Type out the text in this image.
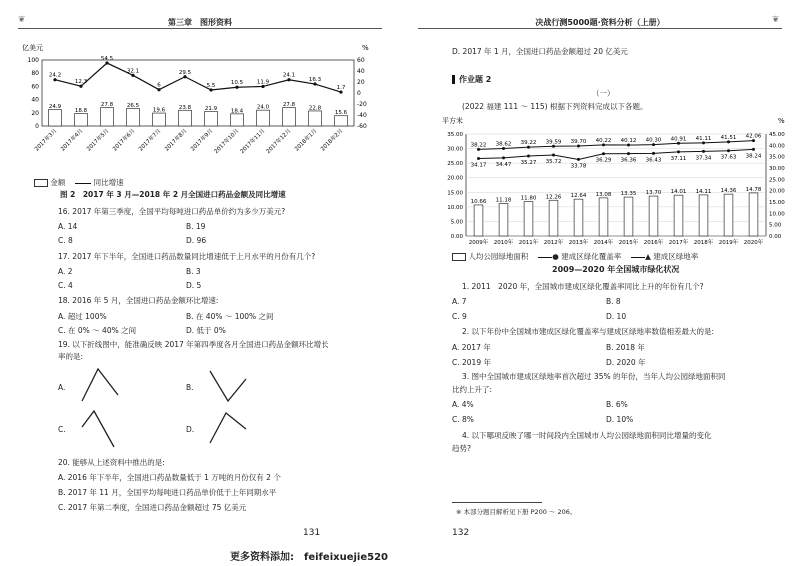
❦	第三章　 图形资料
亿美元	%
0
20
40
60
80
100
-60
-40
-20
0
20
40
60
24.9
2017年3月
18.8
2017年4月
27.8
2017年5月
26.5
2017年6月
19.6
2017年7月
23.8
2017年8月
21.9
2017年9月
18.4
2017年10月
24.0
2017年11月
27.8
2017年12月
22.8
2018年1月
15.6
2018年2月
24.2
12.3
54.5
32.1
6
29.5
5.5	10.5	11.9
24.1
16.3
1.7
金额 　	同比增速
图 2　2017 年 3 月—2018 年 2 月全国进口药品金额及同比增速
16. 2017 年第三季度，全国平均每吨进口药品单价约为多少万美元?
A. 14	B. 19
C. 8	D. 96
17. 2017 年下半年，全国进口药品数量同比增速低于上月水平的月份有几个?
A. 2	B. 3
C. 4	D. 5
18. 2016 年 5 月，全国进口药品金额环比增速:
A. 超过 100%	B. 在 40% ～ 100% 之间
C. 在 0% ～ 40% 之间	D. 低于 0%
19. 以下折线图中，能准确反映 2017 年第四季度各月全国进口药品金额环比增长
率的是:
A.	B.
C.	D.
20. 能够从上述资料中推出的是:
A. 2016 年下半年，全国进口药品数量低于 1 万吨的月份仅有 2 个
B. 2017 年 11 月，全国平均每吨进口药品单价低于上年同期水平
C. 2017 年第二季度，全国进口药品金额超过 75 亿美元
131
决战行测5000题·资料分析（上册）	❦
D. 2017 年 1 月，全国进口药品金额超过 20 亿美元
作业题 2
（一）
(2022 福建 111 ～ 115) 根据下列资料完成以下各题。
平方米	%
0.00
5.00
10.00
15.00
20.00
25.00
30.00
35.00
0.00
5.00
10.00
15.00
20.00
25.00
30.00
35.00
40.00
45.00
10.66
2009年
11.18
2010年
11.80
2011年
12.26
2012年
12.64
2013年
13.08
2014年
13.35
2015年
13.70
2016年
14.01
2017年
14.11
2018年
14.36
2019年
14.78
2020年
38.22 38.62 39.22 39.59 39.70 40.22 40.12 40.30 40.91 41.11 41.51 42.06
34.17 34.47 35.27 35.72
33.78
36.29 36.36 36.43 37.11 37.34 37.63 38.24
人均公园绿地面积 　	● 建成区绿化覆盖率 　	▲ 建成区绿地率
2009—2020 年全国城市绿化状况
1. 2011　2020 年，全国城市建成区绿化覆盖率同比上升的年份有几个?
A. 7	B. 8
C. 9	D. 10
2. 以下年份中全国城市建成区绿化覆盖率与建成区绿地率数值相差最大的是:
A. 2017 年	B. 2018 年
C. 2019 年	D. 2020 年
3. 图中全国城市建成区绿地率首次超过 35% 的年份，当年人均公园绿地面积同
比约上升了:
A. 4%	B. 6%
C. 8%	D. 10%
4. 以下哪项反映了哪一时间段内全国城市人均公园绿地面积同比增量的变化
趋势?
※ 本部分题目解析见下册 P200 ～ 206。
132
更多资料添加:　feifeixuejie520
